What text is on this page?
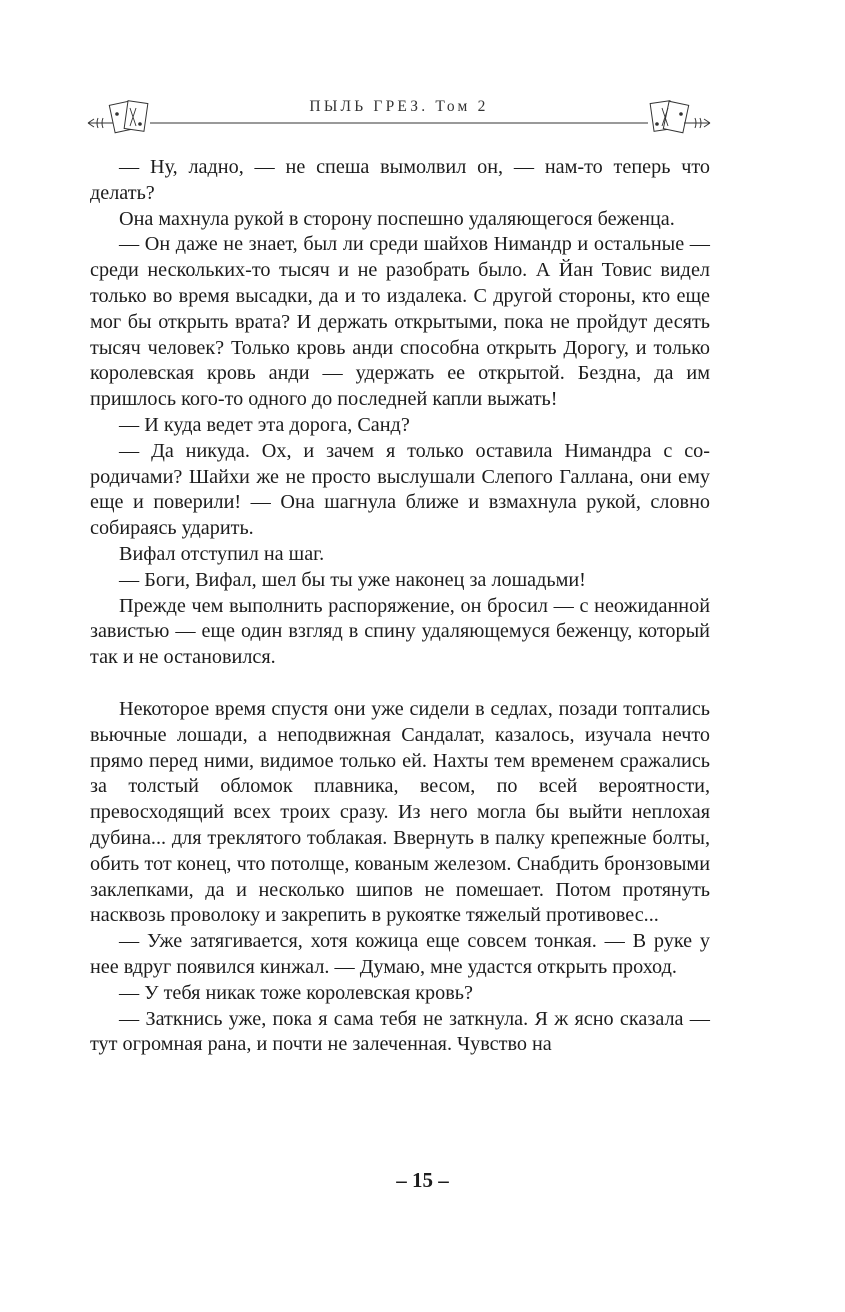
ПЫЛЬ ГРЕЗ. Том 2

— Ну, ладно, — не спеша вымолвил он, — нам-то теперь что делать?

Она махнула рукой в сторону поспешно удаляющегося беженца.

— Он даже не знает, был ли среди шайхов Нимандр и остальные — среди нескольких-то тысяч и не разобрать было. А Йан Товис видел только во время высадки, да и то издалека. С другой стороны, кто еще мог бы открыть врата? И держать открытыми, пока не пройдут десять тысяч человек? Только кровь анди способна открыть Дорогу, и только королевская кровь анди — удержать ее открытой. Бездна, да им пришлось кого-то одного до последней капли выжать!

— И куда ведет эта дорога, Санд?

— Да никуда. Ох, и зачем я только оставила Нимандра с сородичами? Шайхи же не просто выслушали Слепого Галлана, они ему еще и поверили! — Она шагнула ближе и взмахнула рукой, словно собираясь ударить.

Вифал отступил на шаг.

— Боги, Вифал, шел бы ты уже наконец за лошадьми!

Прежде чем выполнить распоряжение, он бросил — с неожиданной завистью — еще один взгляд в спину удаляющемуся беженцу, который так и не остановился.

Некоторое время спустя они уже сидели в седлах, позади топтались вьючные лошади, а неподвижная Сандалат, казалось, изучала нечто прямо перед ними, видимое только ей. Нахты тем временем сражались за толстый обломок плавника, весом, по всей вероятности, превосходящий всех троих сразу. Из него могла бы выйти неплохая дубина... для треклятого тоблакая. Ввернуть в палку крепежные болты, обить тот конец, что потолще, кованым железом. Снабдить бронзовыми заклепками, да и несколько шипов не помешает. Потом протянуть насквозь проволоку и закрепить в рукоятке тяжелый противовес...

— Уже затягивается, хотя кожица еще совсем тонкая. — В руке у нее вдруг появился кинжал. — Думаю, мне удастся открыть проход.

— У тебя никак тоже королевская кровь?

— Заткнись уже, пока я сама тебя не заткнула. Я ж ясно сказала — тут огромная рана, и почти не залеченная. Чувство на

– 15 –
